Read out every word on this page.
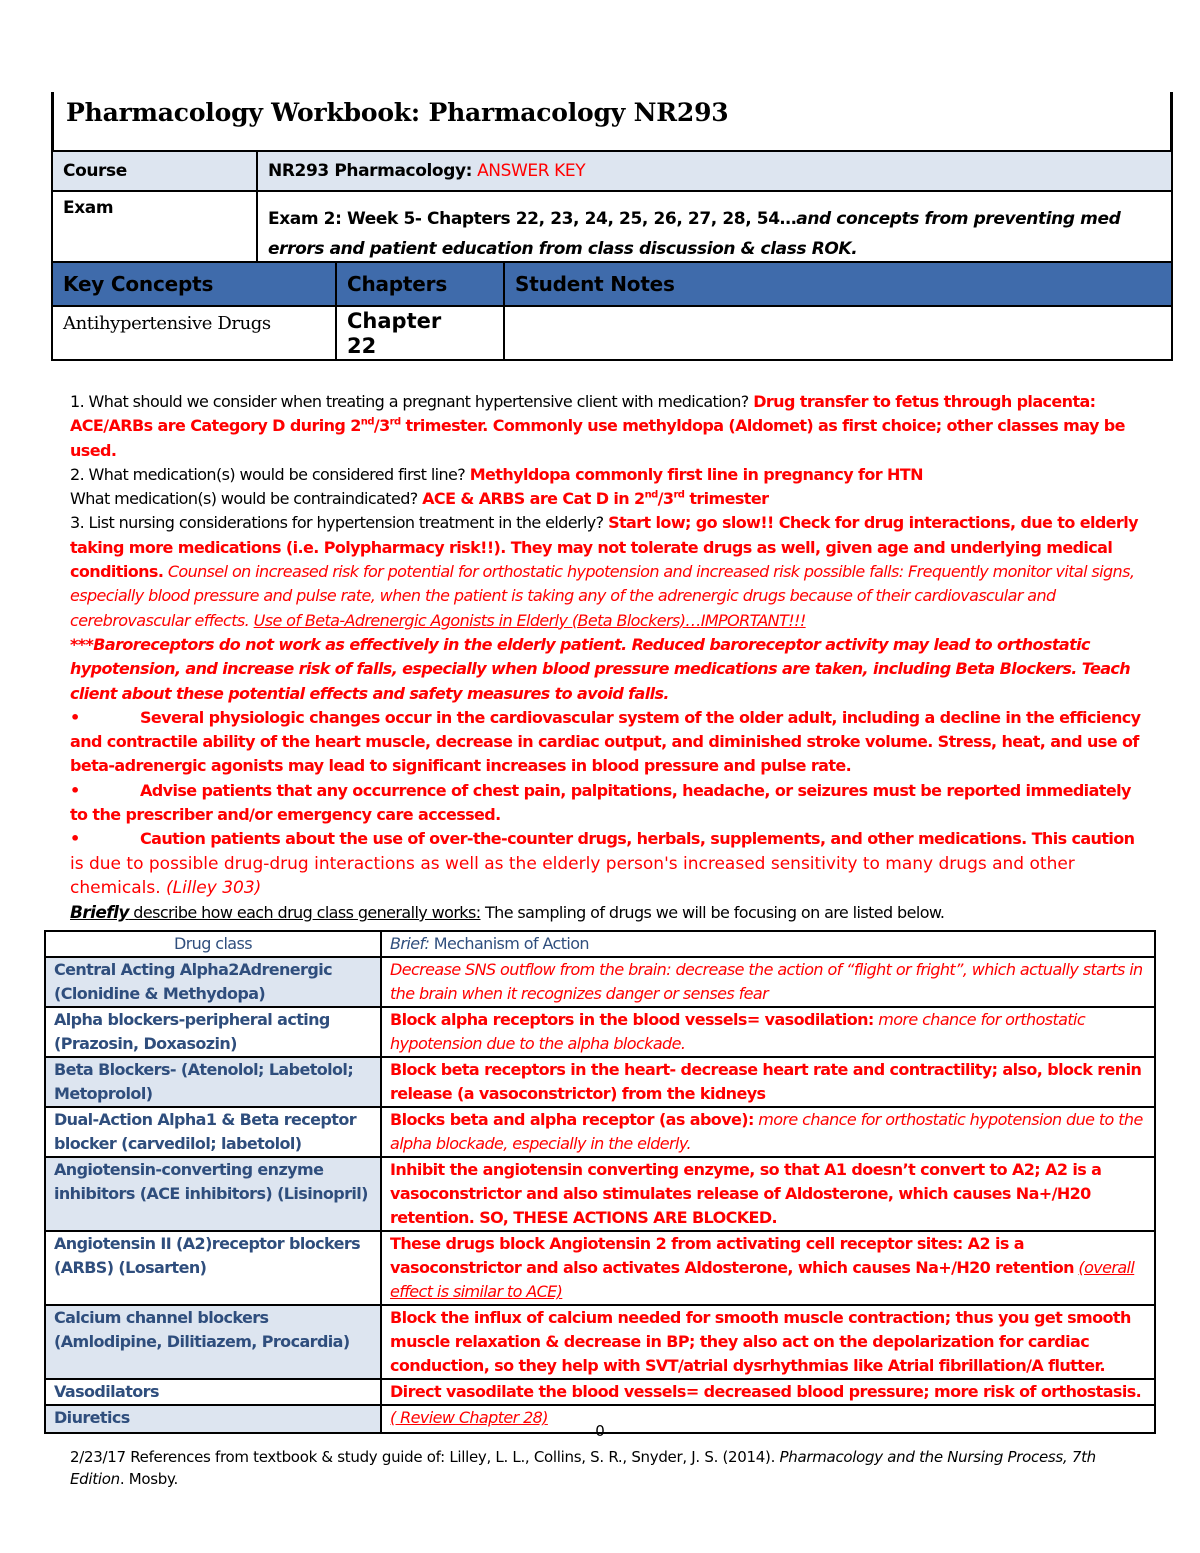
Pharmacology Workbook: Pharmacology NR293
Course	NR293 Pharmacology: ANSWER KEY
Exam	Exam 2: Week 5- Chapters 22, 23, 24, 25, 26, 27, 28, 54…and concepts from preventing med errors and patient education from class discussion & class ROK.
Key Concepts	Chapters	Student Notes

Antihypertensive Drugs	Chapter
22	

1. What should we consider when treating a pregnant hypertensive client with medication? Drug transfer to fetus through placenta: ACE/ARBs are Category D during 2nd/3rd trimester. Commonly use methyldopa (Aldomet) as first choice; other classes may be used.

2. What medication(s) would be considered first line? Methyldopa commonly first line in pregnancy for HTN

What medication(s) would be contraindicated? ACE & ARBS are Cat D in 2nd/3rd trimester

3. List nursing considerations for hypertension treatment in the elderly? Start low; go slow!! Check for drug interactions, due to elderly taking more medications (i.e. Polypharmacy risk!!). They may not tolerate drugs as well, given age and underlying medical conditions. Counsel on increased risk for potential for orthostatic hypotension and increased risk possible falls: Frequently monitor vital signs, especially blood pressure and pulse rate, when the patient is taking any of the adrenergic drugs because of their cardiovascular and cerebrovascular effects. Use of Beta-Adrenergic Agonists in Elderly (Beta Blockers)…IMPORTANT!!!

***Baroreceptors do not work as effectively in the elderly patient. Reduced baroreceptor activity may lead to orthostatic hypotension, and increase risk of falls, especially when blood pressure medications are taken, including Beta Blockers. Teach client about these potential effects and safety measures to avoid falls.

•	Several physiologic changes occur in the cardiovascular system of the older adult, including a decline in the efficiency and contractile ability of the heart muscle, decrease in cardiac output, and diminished stroke volume. Stress, heat, and use of beta-adrenergic agonists may lead to significant increases in blood pressure and pulse rate.

•	Advise patients that any occurrence of chest pain, palpitations, headache, or seizures must be reported immediately to the prescriber and/or emergency care accessed.

•	Caution patients about the use of over-the-counter drugs, herbals, supplements, and other medications. This caution is due to possible drug-drug interactions as well as the elderly person's increased sensitivity to many drugs and other chemicals. (Lilley 303)

Briefly describe how each drug class generally works: The sampling of drugs we will be focusing on are listed below.
Drug class	Brief: Mechanism of Action
Central Acting Alpha2Adrenergic (Clonidine & Methydopa)	Decrease SNS outflow from the brain: decrease the action of “flight or fright”, which actually starts in the brain when it recognizes danger or senses fear
Alpha blockers-peripheral acting (Prazosin, Doxasozin)	Block alpha receptors in the blood vessels= vasodilation: more chance for orthostatic hypotension due to the alpha blockade.
Beta Blockers- (Atenolol; Labetolol; Metoprolol)	Block beta receptors in the heart- decrease heart rate and contractility; also, block renin release (a vasoconstrictor) from the kidneys
Dual-Action Alpha1 & Beta receptor blocker (carvedilol; labetolol)	Blocks beta and alpha receptor (as above): more chance for orthostatic hypotension due to the alpha blockade, especially in the elderly.
Angiotensin-converting enzyme inhibitors (ACE inhibitors) (Lisinopril)	Inhibit the angiotensin converting enzyme, so that A1 doesn’t convert to A2; A2 is a vasoconstrictor and also stimulates release of Aldosterone, which causes Na+/H20 retention. SO, THESE ACTIONS ARE BLOCKED.
Angiotensin II (A2)receptor blockers (ARBS) (Losarten)	These drugs block Angiotensin 2 from activating cell receptor sites: A2 is a vasoconstrictor and also activates Aldosterone, which causes Na+/H20 retention (overall effect is similar to ACE)
Calcium channel blockers (Amlodipine, Dilitiazem, Procardia)	Block the influx of calcium needed for smooth muscle contraction; thus you get smooth muscle relaxation & decrease in BP; they also act on the depolarization for cardiac conduction, so they help with SVT/atrial dysrhythmias like Atrial fibrillation/A flutter.
Vasodilators	Direct vasodilate the blood vessels= decreased blood pressure; more risk of orthostasis.
Diuretics	( Review Chapter 28)
0
2/23/17 References from textbook & study guide of: Lilley, L. L., Collins, S. R., Snyder, J. S. (2014). Pharmacology and the Nursing Process, 7th Edition. Mosby.
